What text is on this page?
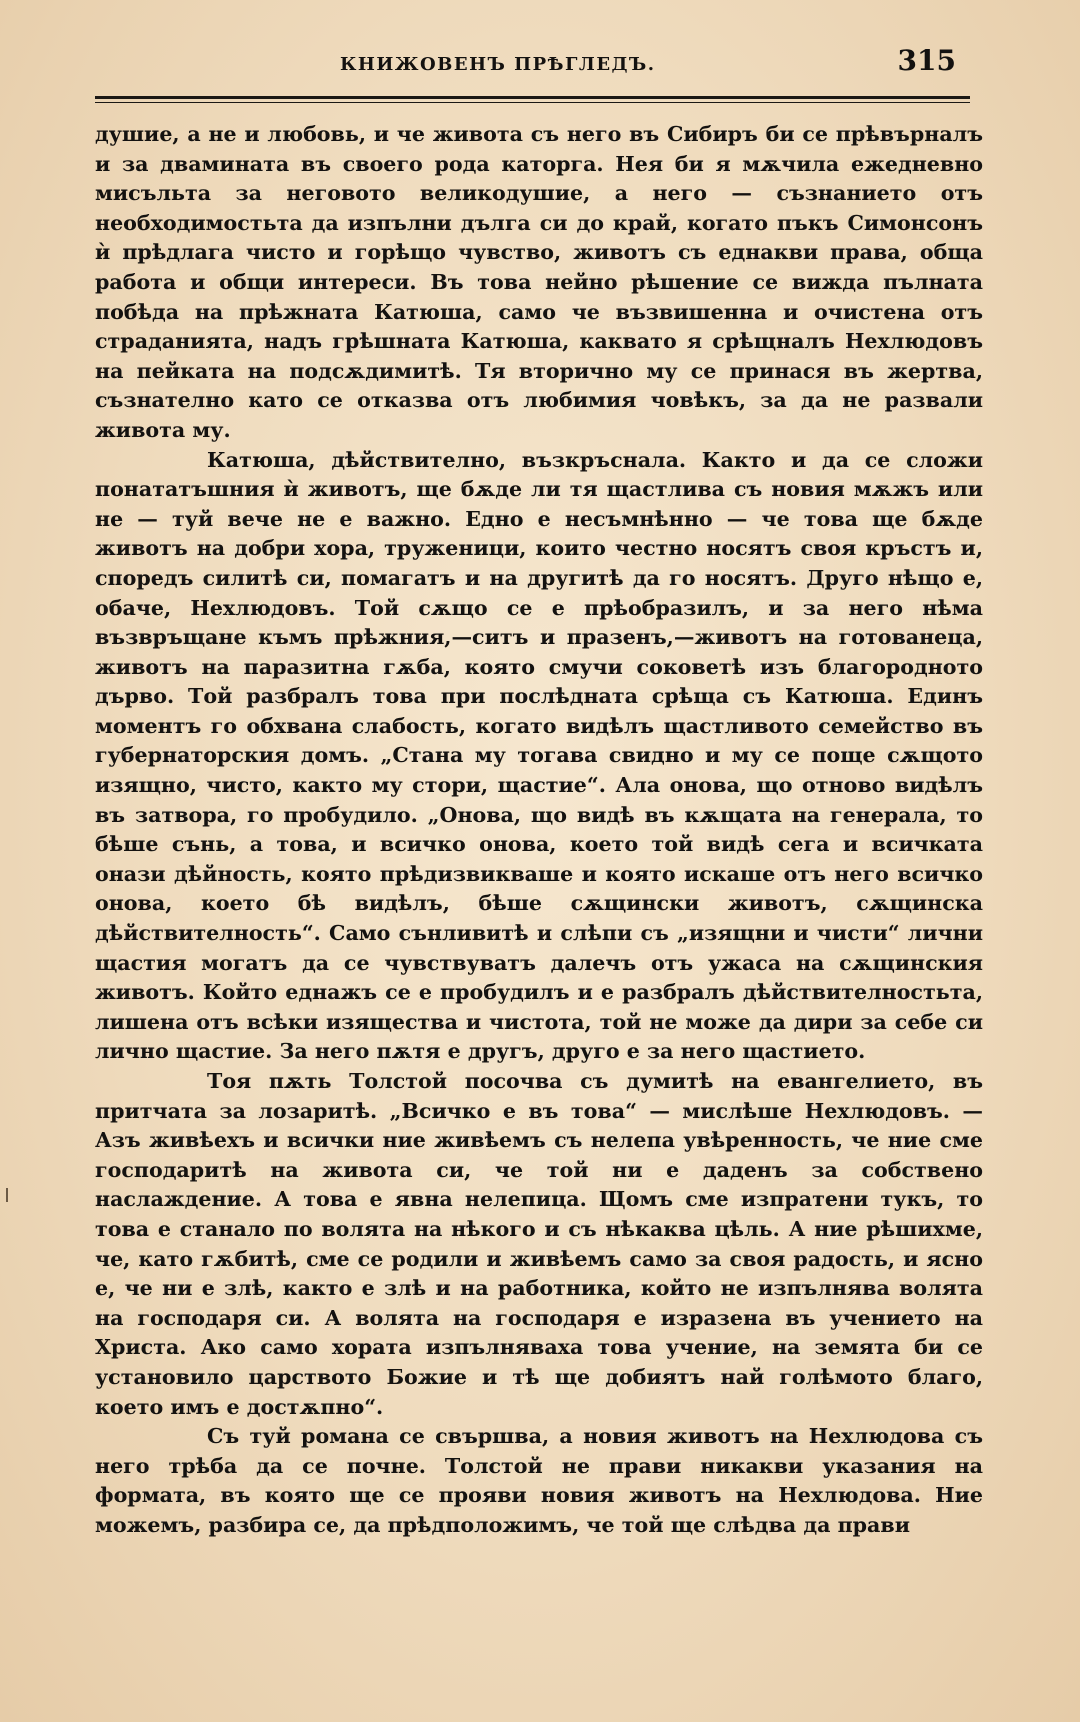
КНИЖОВЕНЪ ПРѢГЛЕДЪ.	315

душие, а не и любовь, и че живота съ него въ Сибиръ би се прѣвърналъ и за двамината въ своего рода каторга. Нея би я мѫчила ежедневно мисъльта за неговото великодушие, а него — съзнанието отъ необходимостьта да изпълни дълга си до край, когато пъкъ Симонсонъ ѝ прѣдлага чисто и горѣщо чувство, животъ съ еднакви права, обща работа и общи интереси. Въ това нейно рѣшение се вижда пълната побѣда на прѣжната Катюша, само че възвишенна и очистена отъ страданията, надъ грѣшната Катюша, каквато я срѣщналъ Нехлюдовъ на пейката на подсѫдимитѣ. Тя вторично му се принася въ жертва, съзнателно като се отказва отъ любимия човѣкъ, за да не развали живота му.

Катюша, дѣйствително, възкръснала. Както и да се сложи понататъшния ѝ животъ, ще бѫде ли тя щастлива съ новия мѫжъ или не — туй вече не е важно. Едно е несъмнѣнно — че това ще бѫде животъ на добри хора, труженици, които честно носятъ своя кръстъ и, споредъ силитѣ си, помагатъ и на другитѣ да го носятъ. Друго нѣщо е, обаче, Нехлюдовъ. Той сѫщо се е прѣобразилъ, и за него нѣма възвръщане къмъ прѣжния,—ситъ и празенъ,—животъ на готованеца, животъ на паразитна гѫба, която смучи соковетѣ изъ благородното дърво. Той разбралъ това при послѣдната срѣща съ Катюша. Единъ моментъ го обхвана слабость, когато видѣлъ щастливото семейство въ губернаторския домъ. „Стана му тогава свидно и му се поще сѫщото изящно, чисто, както му стори, щастие“. Ала онова, що отново видѣлъ въ затвора, го пробудило. „Онова, що видѣ въ кѫщата на генерала, то бѣше сънь, а това, и всичко онова, което той видѣ сега и всичката онази дѣйность, която прѣдизвикваше и която искаше отъ него всичко онова, което бѣ видѣлъ, бѣше сѫщински животъ, сѫщинска дѣйствителность“. Само сънливитѣ и слѣпи съ „изящни и чисти“ лични щастия могатъ да се чувствуватъ далечъ отъ ужаса на сѫщинския животъ. Който еднажъ се е пробудилъ и е разбралъ дѣйствителностьта, лишена отъ всѣки изящества и чистота, той не може да дири за себе си лично щастие. За него пѫтя е другъ, друго е за него щастието.

Тоя пѫть Толстой посочва съ думитѣ на евангелието, въ притчата за лозаритѣ. „Всичко е въ това“ — мислѣше Нехлюдовъ. — Азъ живѣехъ и всички ние живѣемъ съ нелепа увѣренность, че ние сме господаритѣ на живота си, че той ни е даденъ за собствено наслаждение. А това е явна нелепица. Щомъ сме изпратени тукъ, то това е станало по волята на нѣкого и съ нѣкаква цѣль. А ние рѣшихме, че, като гѫбитѣ, сме се родили и живѣемъ само за своя радость, и ясно е, че ни е злѣ, както е злѣ и на работника, който не изпълнява волята на господаря си. А волята на господаря е изразена въ учението на Христа. Ако само хората изпълняваха това учение, на земята би се установило царството Божие и тѣ ще добиятъ най голѣмото благо, което имъ е достѫпно“.

Съ туй романа се свършва, а новия животъ на Нехлюдова съ него трѣба да се почне. Толстой не прави никакви указания на формата, въ която ще се прояви новия животъ на Нехлюдова. Ние можемъ, разбира се, да прѣдположимъ, че той ще слѣдва да прави
